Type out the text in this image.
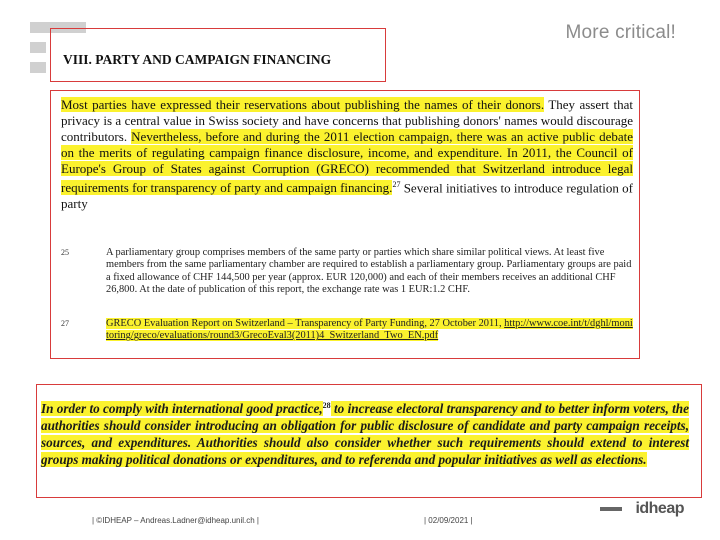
More critical!
VIII. PARTY AND CAMPAIGN FINANCING
Most parties have expressed their reservations about publishing the names of their donors. They assert that privacy is a central value in Swiss society and have concerns that publishing donors' names would discourage contributors. Nevertheless, before and during the 2011 election campaign, there was an active public debate on the merits of regulating campaign finance disclosure, income, and expenditure. In 2011, the Council of Europe's Group of States against Corruption (GRECO) recommended that Switzerland introduce legal requirements for transparency of party and campaign financing.$^{27}$ Several initiatives to introduce regulation of party
25	A parliamentary group comprises members of the same party or parties which share similar political views. At least five members from the same parliamentary chamber are required to establish a parliamentary group. Parliamentary groups are paid a fixed allowance of CHF 144,500 per year (approx. EUR 120,000) and each of their members receives an additional CHF 26,800. At the date of publication of this report, the exchange rate was 1 EUR:1.2 CHF.
27	GRECO Evaluation Report on Switzerland – Transparency of Party Funding, 27 October 2011, http://www.coe.int/t/dghl/monitoring/greco/evaluations/round3/GrecoEval3(2011)4_Switzerland_Two_EN.pdf
In order to comply with international good practice,$^{28}$ to increase electoral transparency and to better inform voters, the authorities should consider introducing an obligation for public disclosure of candidate and party campaign receipts, sources, and expenditures. Authorities should also consider whether such requirements should extend to interest groups making political donations or expenditures, and to referenda and popular initiatives as well as elections.
| ©IDHEAP – Andreas.Ladner@idheap.unil.ch |	| 02/09/2021 |
idheap
